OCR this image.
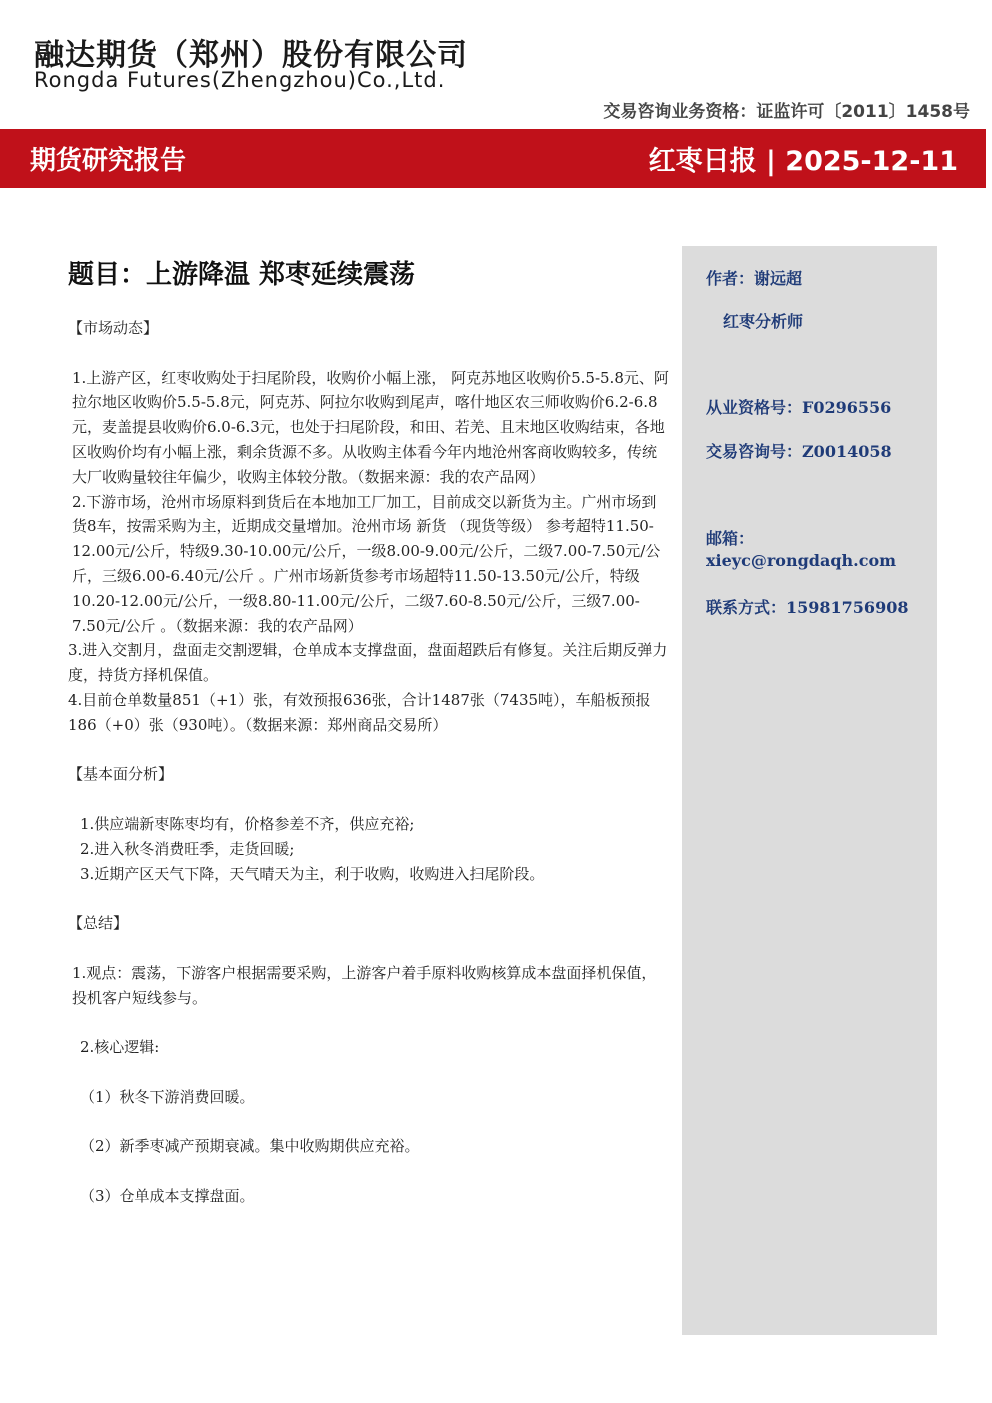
融达期货（郑州）股份有限公司
Rongda Futures(Zhengzhou)Co.,Ltd.
交易咨询业务资格：证监许可〔2011〕1458号
期货研究报告	红枣日报 | 2025-12-11
题目：上游降温 郑枣延续震荡

【市场动态】

1.上游产区，红枣收购处于扫尾阶段，收购价小幅上涨， 阿克苏地区收购价5.5-5.8元、阿拉尔地区收购价5.5-5.8元，阿克苏、阿拉尔收购到尾声，喀什地区农三师收购价6.2-6.8元，麦盖提县收购价6.0-6.3元，也处于扫尾阶段，和田、若羌、且末地区收购结束，各地区收购价均有小幅上涨，剩余货源不多。从收购主体看今年内地沧州客商收购较多，传统大厂收购量较往年偏少，收购主体较分散。（数据来源：我的农产品网）

2.下游市场，沧州市场原料到货后在本地加工厂加工，目前成交以新货为主。广州市场到货8车，按需采购为主，近期成交量增加。沧州市场 新货 （现货等级） 参考超特11.50-12.00元/公斤，特级9.30-10.00元/公斤，一级8.00-9.00元/公斤，二级7.00-7.50元/公斤，三级6.00-6.40元/公斤 。广州市场新货参考市场超特11.50-13.50元/公斤，特级10.20-12.00元/公斤，一级8.80-11.00元/公斤，二级7.60-8.50元/公斤，三级7.00-7.50元/公斤 。（数据来源：我的农产品网）

3.进入交割月，盘面走交割逻辑，仓单成本支撑盘面，盘面超跌后有修复。关注后期反弹力度，持货方择机保值。

4.目前仓单数量851（+1）张，有效预报636张，合计1487张（7435吨），车船板预报186（+0）张（930吨）。（数据来源：郑州商品交易所）

【基本面分析】

1.供应端新枣陈枣均有，价格参差不齐，供应充裕;

2.进入秋冬消费旺季，走货回暖;

3.近期产区天气下降，天气晴天为主，利于收购，收购进入扫尾阶段。

【总结】

1.观点：震荡，下游客户根据需要采购，上游客户着手原料收购核算成本盘面择机保值，投机客户短线参与。

2.核心逻辑:

（1）秋冬下游消费回暖。

（2）新季枣减产预期衰减。集中收购期供应充裕。

（3）仓单成本支撑盘面。

作者：谢远超
红枣分析师
从业资格号：F0296556
交易咨询号：Z0014058
邮箱：
xieyc@rongdaqh.com
联系方式：15981756908
